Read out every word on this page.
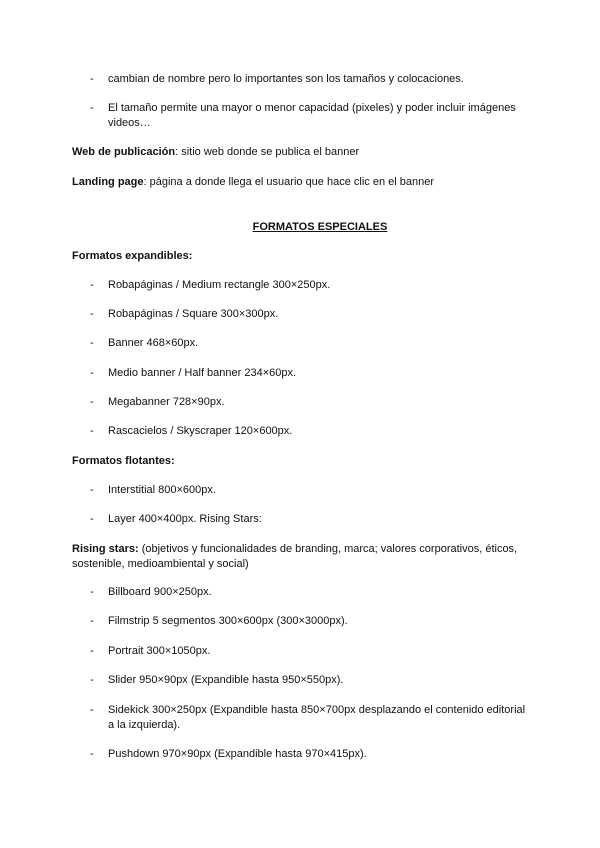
- cambian de nombre pero lo importantes son los tamaños y colocaciones.
- El tamaño permite una mayor o menor capacidad (pixeles) y poder incluir imágenes videos…
Web de publicación: sitio web donde se publica el banner
Landing page: página a donde llega el usuario que hace clic en el banner
FORMATOS ESPECIALES
Formatos expandibles:
- Robapáginas / Medium rectangle 300×250px.
- Robapáginas / Square 300×300px.
- Banner 468×60px.
- Medio banner / Half banner 234×60px.
- Megabanner 728×90px.
- Rascacielos / Skyscraper 120×600px.
Formatos flotantes:
- Interstitial 800×600px.
- Layer 400×400px. Rising Stars:
Rising stars: (objetivos y funcionalidades de branding, marca; valores corporativos, éticos, sostenible, medioambiental y social)
- Billboard 900×250px.
- Filmstrip 5 segmentos 300×600px (300×3000px).
- Portrait 300×1050px.
- Slider 950×90px (Expandible hasta 950×550px).
- Sidekick 300×250px (Expandible hasta 850×700px desplazando el contenido editorial a la izquierda).
- Pushdown 970×90px (Expandible hasta 970×415px).
